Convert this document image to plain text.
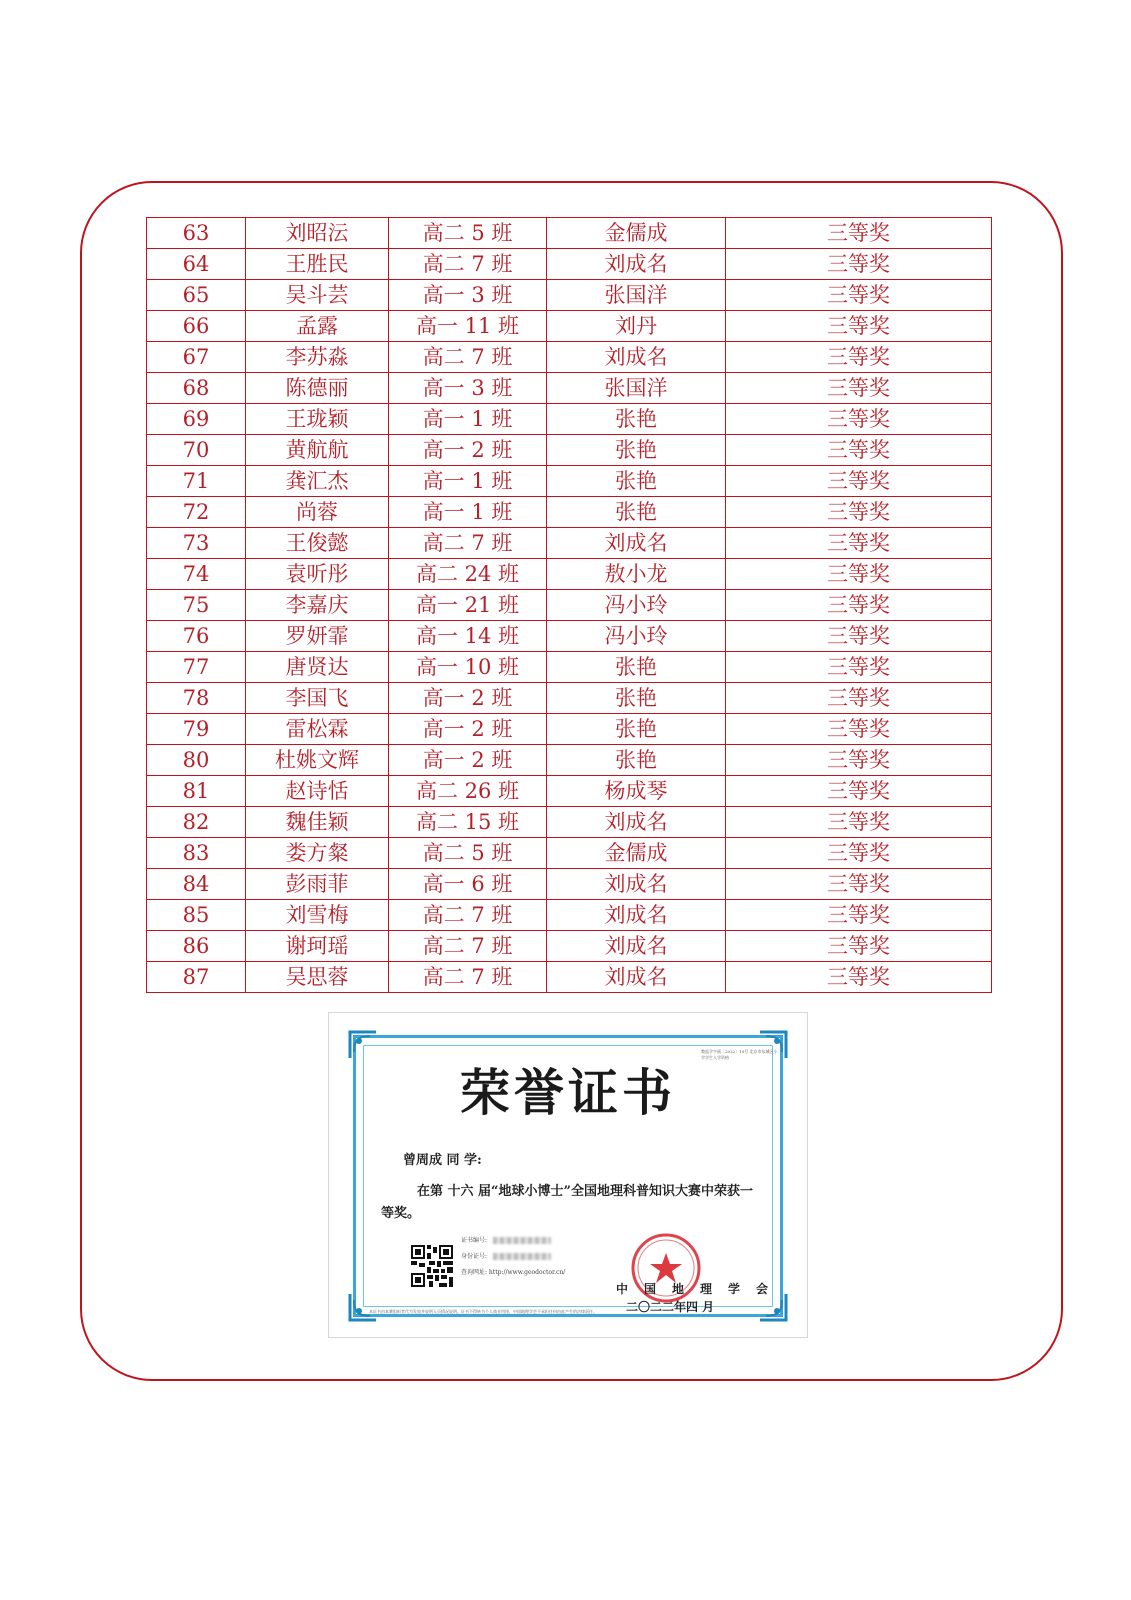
63	刘昭沄	高二 5 班	金儒成	三等奖
64	王胜民	高二 7 班	刘成名	三等奖
65	吴斗芸	高一 3 班	张国洋	三等奖
66	孟露	高一 11 班	刘丹	三等奖
67	李苏淼	高二 7 班	刘成名	三等奖
68	陈德丽	高一 3 班	张国洋	三等奖
69	王珑颖	高一 1 班	张艳	三等奖
70	黄航航	高一 2 班	张艳	三等奖
71	龚汇杰	高一 1 班	张艳	三等奖
72	尚蓉	高一 1 班	张艳	三等奖
73	王俊懿	高二 7 班	刘成名	三等奖
74	袁听彤	高二 24 班	敖小龙	三等奖
75	李嘉庆	高一 21 班	冯小玲	三等奖
76	罗妍霏	高一 14 班	冯小玲	三等奖
77	唐贤达	高一 10 班	张艳	三等奖
78	李国飞	高一 2 班	张艳	三等奖
79	雷松霖	高一 2 班	张艳	三等奖
80	杜姚文辉	高一 2 班	张艳	三等奖
81	赵诗恬	高二 26 班	杨成琴	三等奖
82	魏佳颖	高二 15 班	刘成名	三等奖
83	娄方粲	高二 5 班	金儒成	三等奖
84	彭雨菲	高一 6 班	刘成名	三等奖
85	刘雪梅	高二 7 班	刘成名	三等奖
86	谢珂瑶	高二 7 班	刘成名	三等奖
87	吴思蓉	高二 7 班	刘成名	三等奖
教监学字函〔2022〕10号 北京市东城区小学学生入学资格
荣誉证书
曾周成 同 学:
在第 十六 届“地球小博士”全国地理科普知识大赛中荣获一等奖。
证书编号:
身份证号:
查询网址: http://www.geodoctor.cn/
中国地理学会
二〇二二年四 月
本证书由本赛组织者代为发放并说明人员情况说明。证书不得转为个人商业用途，中国地理学会不承担任何由此产生的法律责任。
